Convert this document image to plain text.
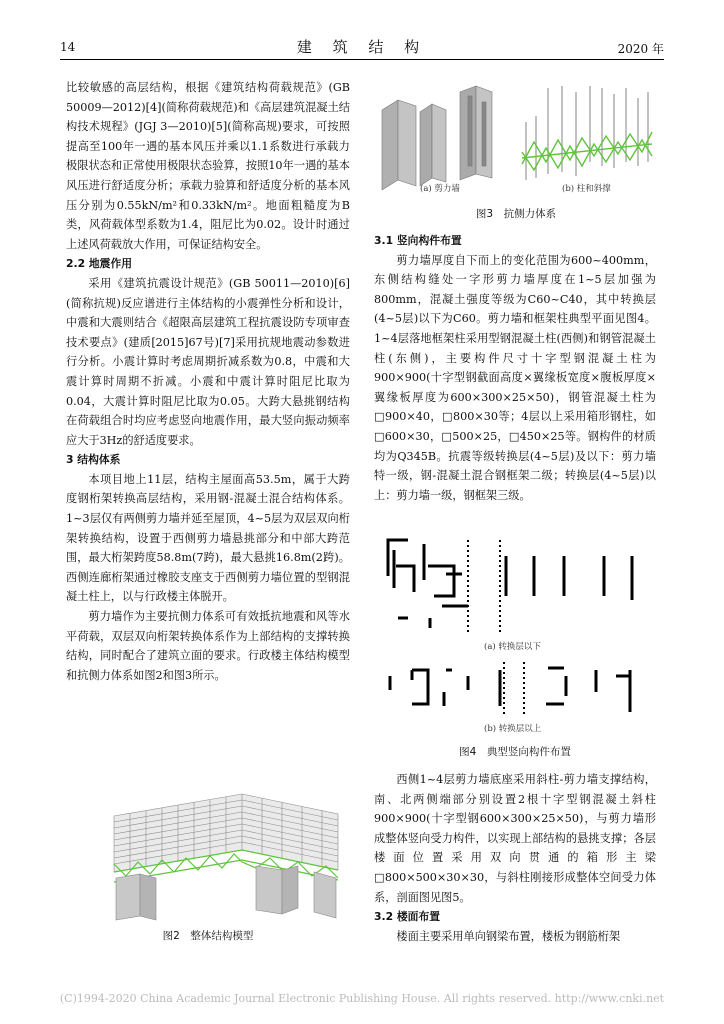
14	建 筑 结 构	2020 年

比较敏感的高层结构，根据《建筑结构荷载规范》(GB 50009—2012)[4](简称荷载规范)和《高层建筑混凝土结构技术规程》(JGJ 3—2010)[5](简称高规)要求，可按照提高至100年一遇的基本风压并乘以1.1系数进行承载力极限状态和正常使用极限状态验算，按照10年一遇的基本风压进行舒适度分析；承载力验算和舒适度分析的基本风压分别为0.55kN/m²和0.33kN/m²。地面粗糙度为B类，风荷载体型系数为1.4，阻尼比为0.02。设计时通过上述风荷载放大作用，可保证结构安全。

2.2 地震作用

采用《建筑抗震设计规范》(GB 50011—2010)[6](简称抗规)反应谱进行主体结构的小震弹性分析和设计，中震和大震则结合《超限高层建筑工程抗震设防专项审查技术要点》(建质[2015]67号)[7]采用抗规地震动参数进行分析。小震计算时考虑周期折减系数为0.8，中震和大震计算时周期不折减。小震和中震计算时阻尼比取为0.04，大震计算时阻尼比取为0.05。大跨大悬挑钢结构在荷载组合时均应考虑竖向地震作用，最大竖向振动频率应大于3Hz的舒适度要求。

3 结构体系

本项目地上11层，结构主屋面高53.5m，属于大跨度钢桁架转换高层结构，采用钢-混凝土混合结构体系。1~3层仅有两侧剪力墙并延至屋顶，4~5层为双层双向桁架转换结构，设置于西侧剪力墙悬挑部分和中部大跨范围，最大桁架跨度58.8m(7跨)，最大悬挑16.8m(2跨)。西侧连廊桁架通过橡胶支座支于西侧剪力墙位置的型钢混凝土柱上，以与行政楼主体脱开。

剪力墙作为主要抗侧力体系可有效抵抗地震和风等水平荷载，双层双向桁架转换体系作为上部结构的支撑转换结构，同时配合了建筑立面的要求。行政楼主体结构模型和抗侧力体系如图2和图3所示。

3.1 竖向构件布置

剪力墙厚度自下而上的变化范围为600~400mm，东侧结构缝处一字形剪力墙厚度在1~5层加强为800mm，混凝土强度等级为C60~C40，其中转换层(4~5层)以下为C60。剪力墙和框架柱典型平面见图4。1~4层落地框架柱采用型钢混凝土柱(西侧)和钢管混凝土柱(东侧)，主要构件尺寸十字型钢混凝土柱为900×900(十字型钢截面高度×翼缘板宽度×腹板厚度×翼缘板厚度为600×300×25×50)，钢管混凝土柱为□900×40，□800×30等；4层以上采用箱形钢柱，如□600×30，□500×25，□450×25等。钢构件的材质均为Q345B。抗震等级转换层(4~5层)及以下：剪力墙特一级，钢-混凝土混合钢框架二级；转换层(4~5层)以上：剪力墙一级，钢框架三级。

西侧1~4层剪力墙底座采用斜柱-剪力墙支撑结构，南、北两侧端部分别设置2根十字型钢混凝土斜柱900×900(十字型钢600×300×25×50)，与剪力墙形成整体竖向受力构件，以实现上部结构的悬挑支撑；各层楼面位置采用双向贯通的箱形主梁□800×500×30×30，与斜柱刚接形成整体空间受力体系，剖面图见图5。

3.2 楼面布置

楼面主要采用单向钢梁布置，楼板为钢筋桁架

(a) 剪力墙	(b) 柱和斜撑
图3　抗侧力体系
(a) 转换层以下
(b) 转换层以上
图4　典型竖向构件布置
图2　整体结构模型
(C)1994-2020 China Academic Journal Electronic Publishing House. All rights reserved. http://www.cnki.net
